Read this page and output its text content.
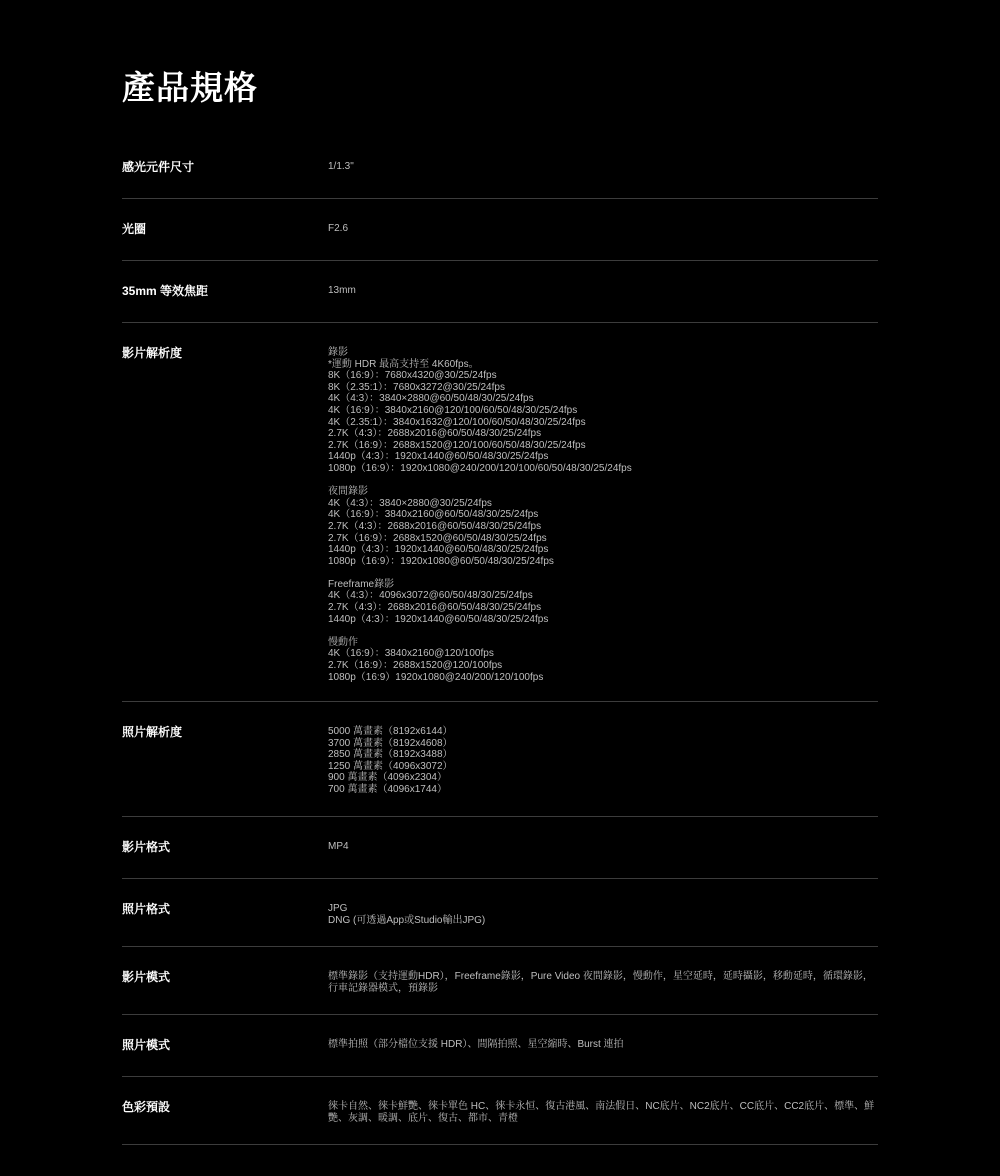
產品規格
感光元件尺寸	1/1.3"
光圈	F2.6
35mm 等效焦距	13mm
影片解析度	錄影
*運動 HDR 最高支持至 4K60fps。
8K（16:9）：7680x4320@30/25/24fps
8K（2.35:1）：7680x3272@30/25/24fps
4K（4:3）：3840×2880@60/50/48/30/25/24fps
4K（16:9）：3840x2160@120/100/60/50/48/30/25/24fps
4K（2.35:1）：3840x1632@120/100/60/50/48/30/25/24fps
2.7K（4:3）：2688x2016@60/50/48/30/25/24fps
2.7K（16:9）：2688x1520@120/100/60/50/48/30/25/24fps
1440p（4:3）：1920x1440@60/50/48/30/25/24fps
1080p（16:9）：1920x1080@240/200/120/100/60/50/48/30/25/24fps
夜間錄影
4K（4:3）：3840×2880@30/25/24fps
4K（16:9）：3840x2160@60/50/48/30/25/24fps
2.7K（4:3）：2688x2016@60/50/48/30/25/24fps
2.7K（16:9）：2688x1520@60/50/48/30/25/24fps
1440p（4:3）：1920x1440@60/50/48/30/25/24fps
1080p（16:9）：1920x1080@60/50/48/30/25/24fps
Freeframe錄影
4K（4:3）：4096x3072@60/50/48/30/25/24fps
2.7K（4:3）：2688x2016@60/50/48/30/25/24fps
1440p（4:3）：1920x1440@60/50/48/30/25/24fps
慢動作
4K（16:9）：3840x2160@120/100fps
2.7K（16:9）：2688x1520@120/100fps
1080p（16:9）1920x1080@240/200/120/100fps
照片解析度	5000 萬畫素（8192x6144）
3700 萬畫素（8192x4608）
2850 萬畫素（8192x3488）
1250 萬畫素（4096x3072）
900 萬畫素（4096x2304）
700 萬畫素（4096x1744）
影片格式	MP4
照片格式	JPG
DNG (可透過App或Studio輸出JPG)
影片模式	標準錄影（支持運動HDR），Freeframe錄影，Pure Video 夜間錄影，慢動作，星空延時，延時攝影，移動延時，循環錄影，行車記錄器模式，預錄影
照片模式	標準拍照（部分檔位支援 HDR）、間隔拍照、星空縮時、Burst 連拍
色彩預設	徠卡自然、徠卡鮮艷、徠卡單色 HC、徠卡永恒、復古港風、南法假日、NC底片、NC2底片、CC底片、CC2底片、標準、鮮艷、灰調、暖調、底片、復古、都市、青橙
